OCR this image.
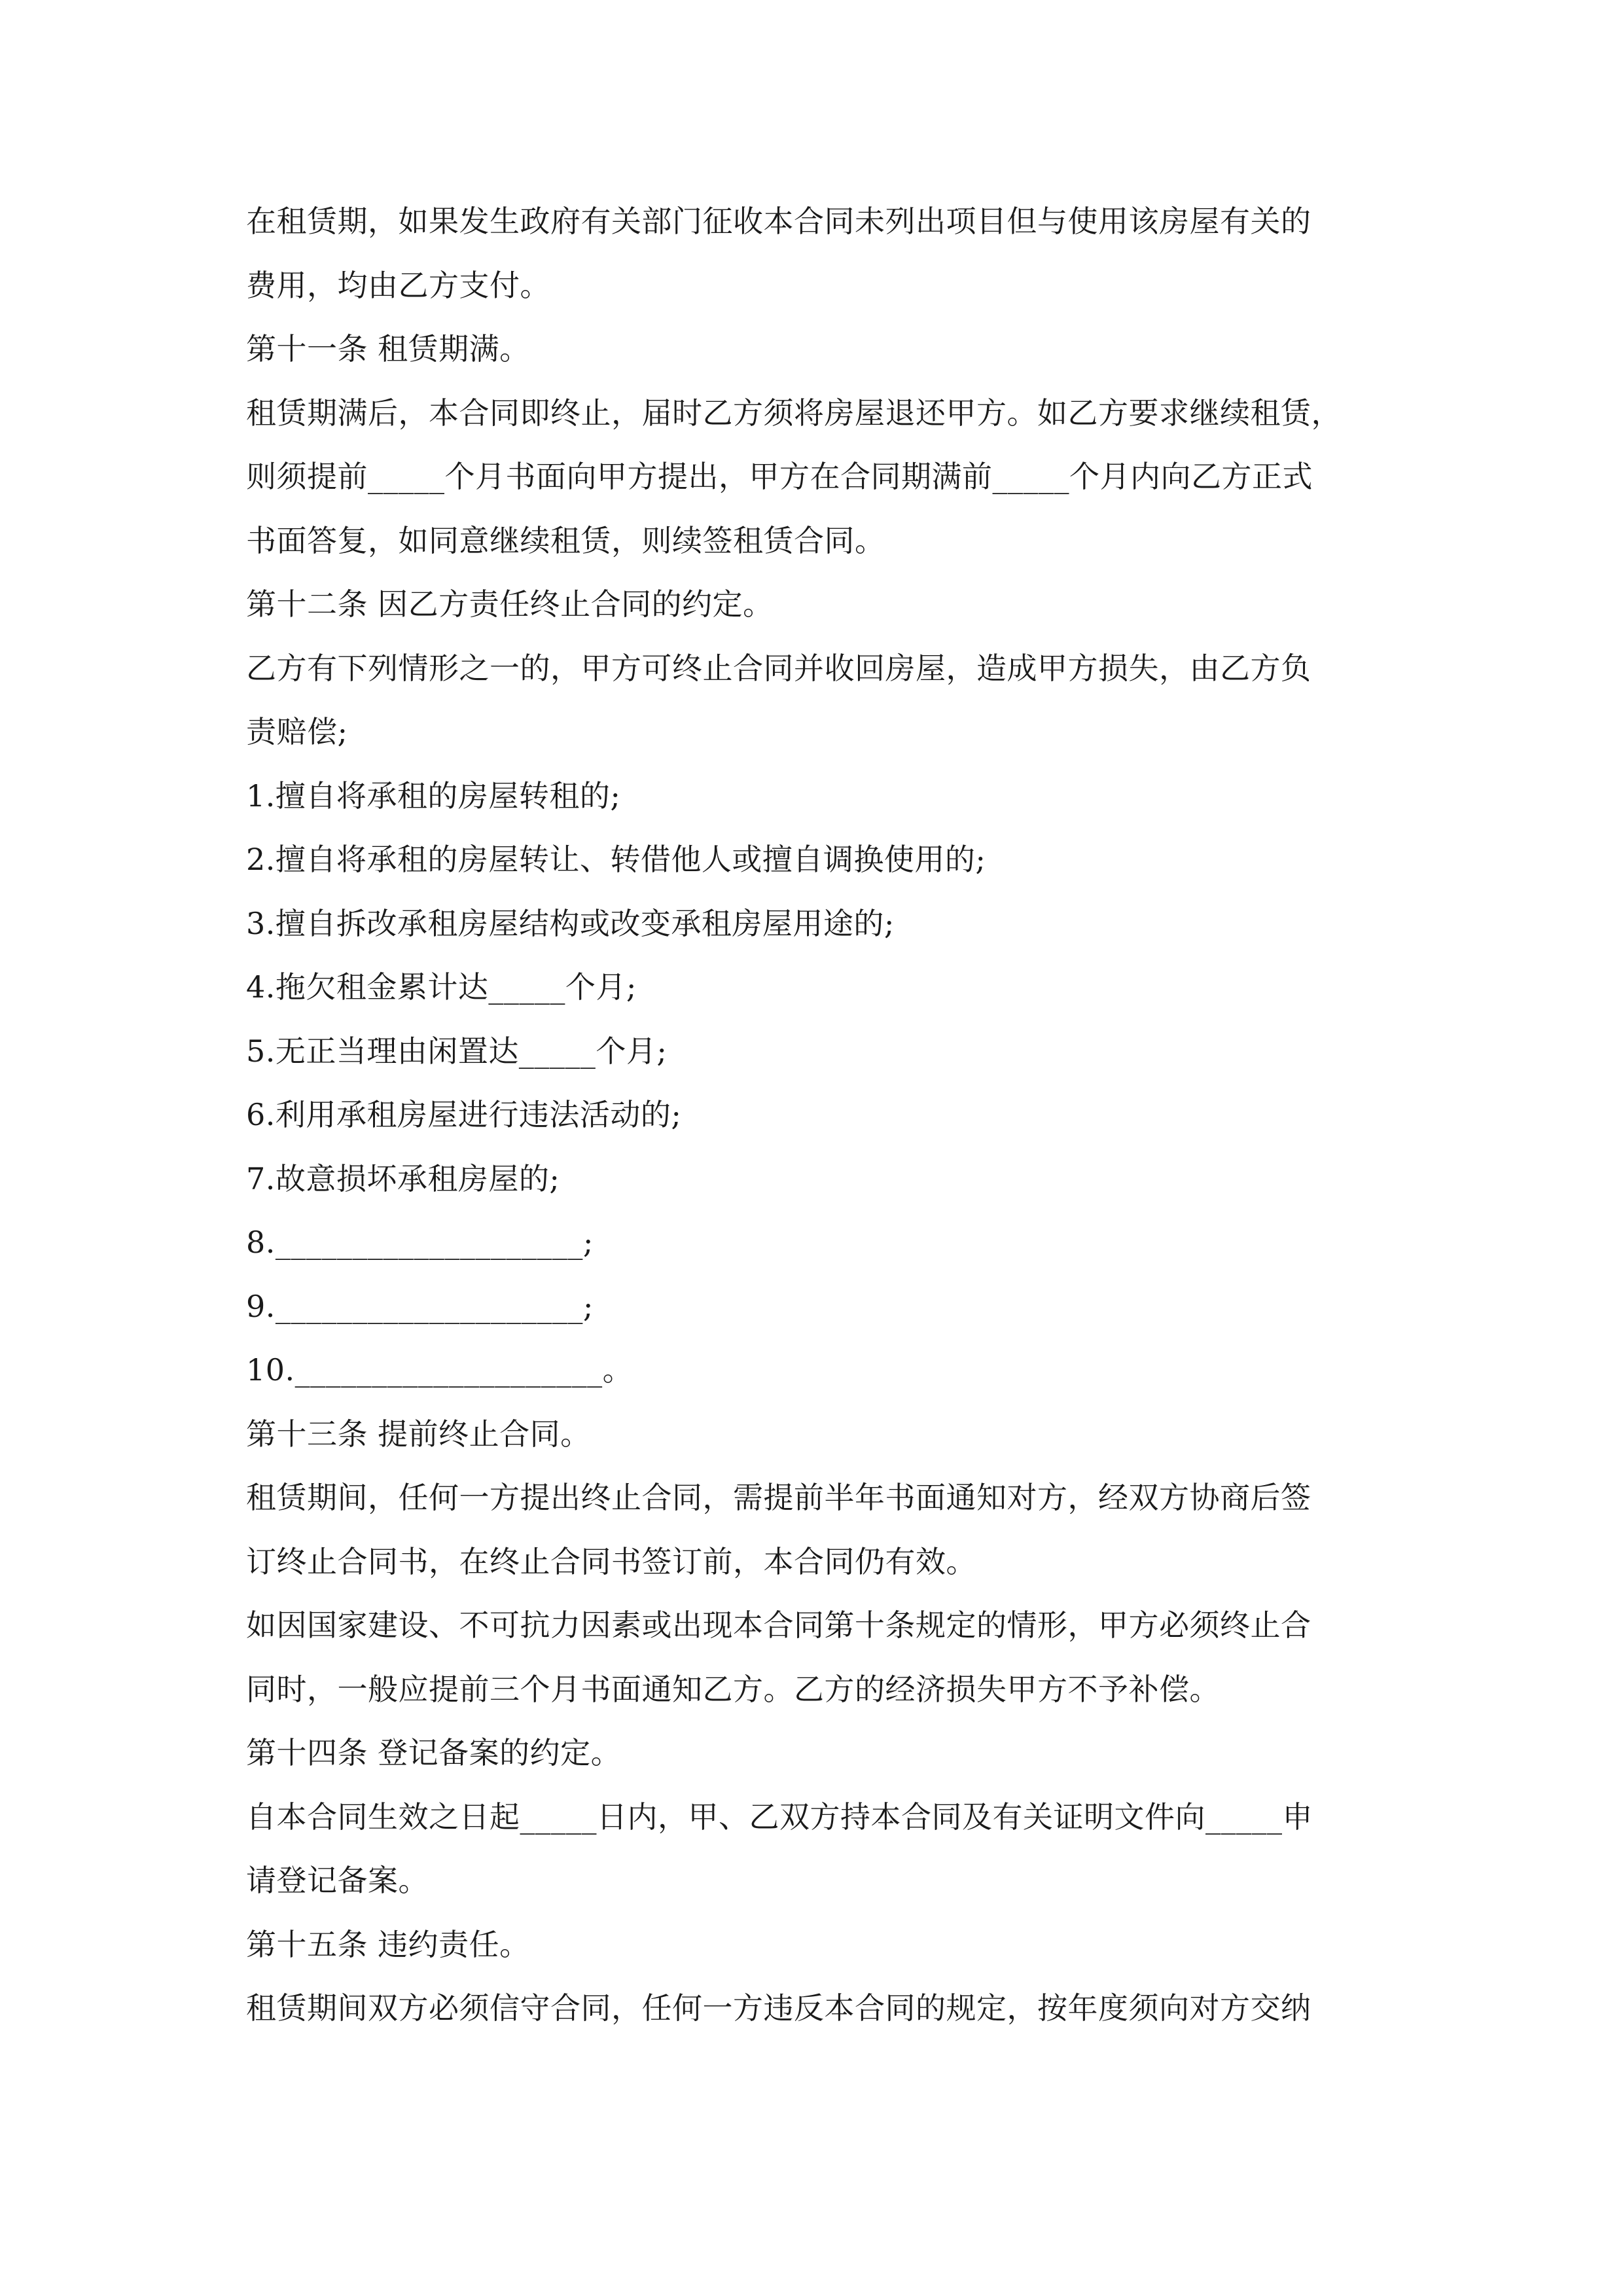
在租赁期，如果发生政府有关部门征收本合同未列出项目但与使用该房屋有关的
费用，均由乙方支付。
第十一条 租赁期满。
租赁期满后，本合同即终止，届时乙方须将房屋退还甲方。如乙方要求继续租赁，
则须提前_____个月书面向甲方提出，甲方在合同期满前_____个月内向乙方正式
书面答复，如同意继续租赁，则续签租赁合同。
第十二条 因乙方责任终止合同的约定。
乙方有下列情形之一的，甲方可终止合同并收回房屋，造成甲方损失，由乙方负
责赔偿;
1.擅自将承租的房屋转租的;
2.擅自将承租的房屋转让、转借他人或擅自调换使用的;
3.擅自拆改承租房屋结构或改变承租房屋用途的;
4.拖欠租金累计达_____个月;
5.无正当理由闲置达_____个月;
6.利用承租房屋进行违法活动的;
7.故意损坏承租房屋的;
8.____________________;
9.____________________;
10.____________________。
第十三条 提前终止合同。
租赁期间，任何一方提出终止合同，需提前半年书面通知对方，经双方协商后签
订终止合同书，在终止合同书签订前，本合同仍有效。
如因国家建设、不可抗力因素或出现本合同第十条规定的情形，甲方必须终止合
同时，一般应提前三个月书面通知乙方。乙方的经济损失甲方不予补偿。
第十四条 登记备案的约定。
自本合同生效之日起_____日内，甲、乙双方持本合同及有关证明文件向_____申
请登记备案。
第十五条 违约责任。
租赁期间双方必须信守合同，任何一方违反本合同的规定，按年度须向对方交纳
